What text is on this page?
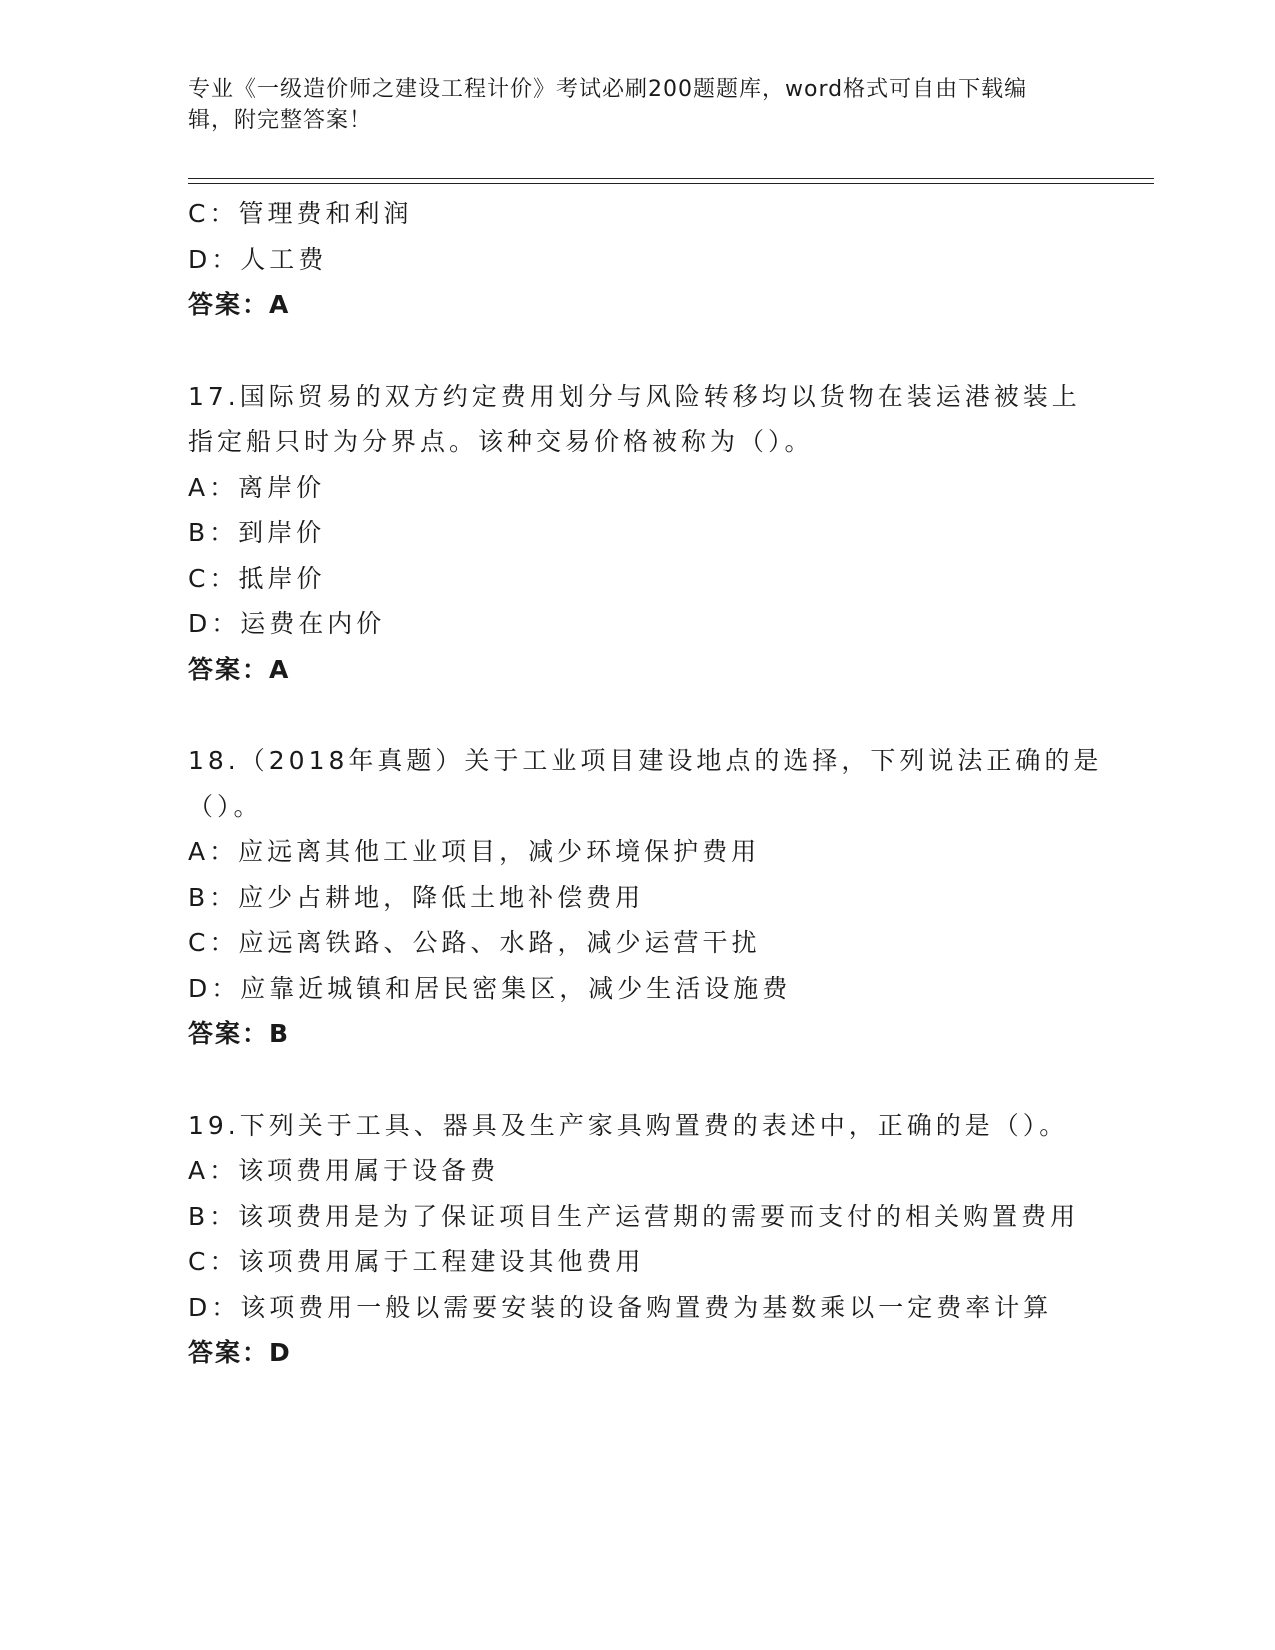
专业《一级造价师之建设工程计价》考试必刷200题题库，word格式可自由下载编辑，附完整答案！
C：管理费和利润
D：人工费
答案：A
17.国际贸易的双方约定费用划分与风险转移均以货物在装运港被装上指定船只时为分界点。该种交易价格被称为（）。
A：离岸价
B：到岸价
C：抵岸价
D：运费在内价
答案：A
18.（2018年真题）关于工业项目建设地点的选择，下列说法正确的是（）。
A：应远离其他工业项目，减少环境保护费用
B：应少占耕地，降低土地补偿费用
C：应远离铁路、公路、水路，减少运营干扰
D：应靠近城镇和居民密集区，减少生活设施费
答案：B
19.下列关于工具、器具及生产家具购置费的表述中，正确的是（）。
A：该项费用属于设备费
B：该项费用是为了保证项目生产运营期的需要而支付的相关购置费用
C：该项费用属于工程建设其他费用
D：该项费用一般以需要安装的设备购置费为基数乘以一定费率计算
答案：D
